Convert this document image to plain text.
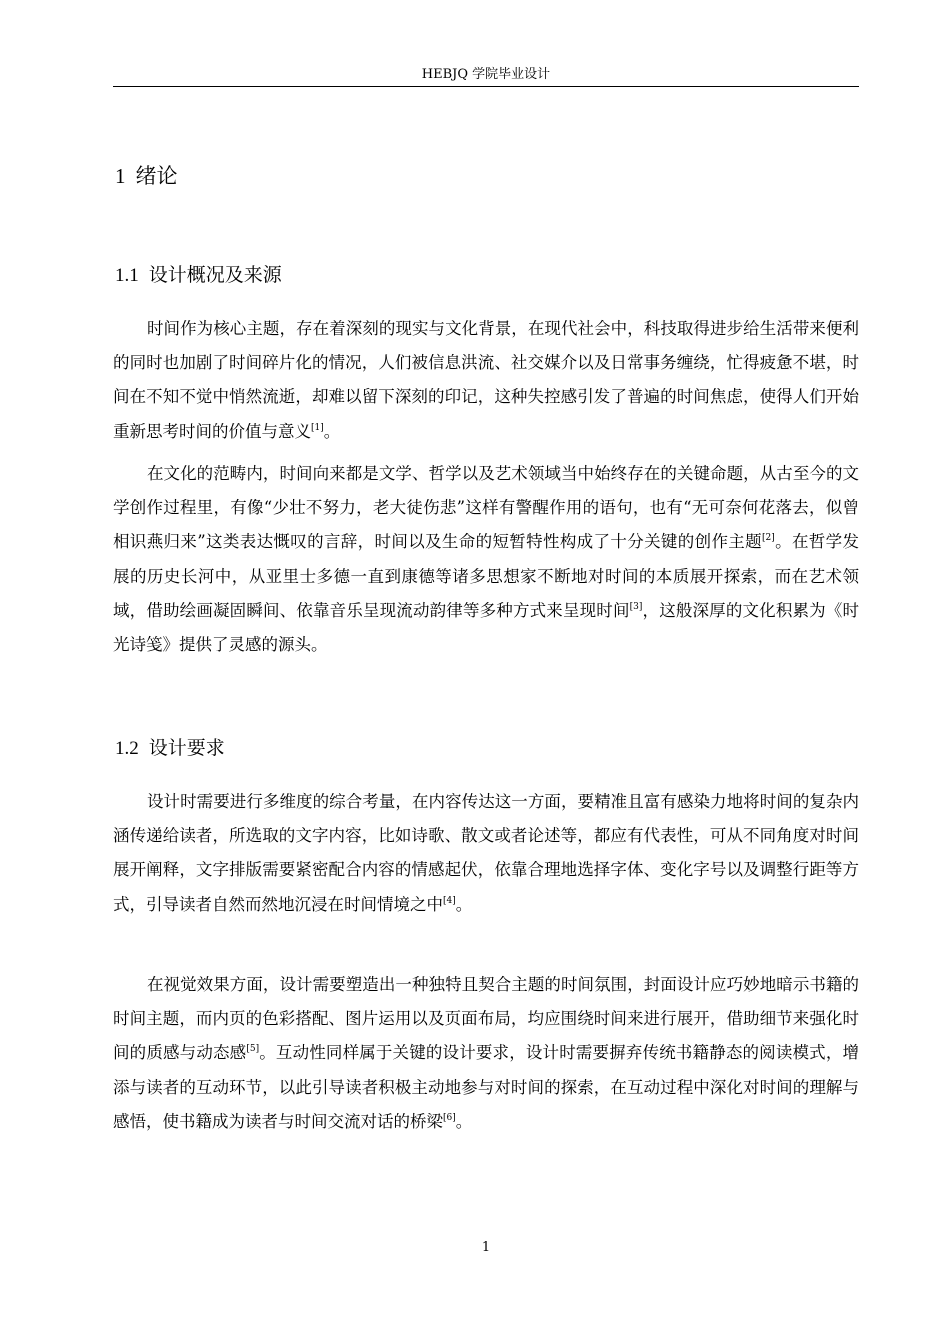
HEBJQ 学院毕业设计
1 绪论
1.1 设计概况及来源

时间作为核心主题，存在着深刻的现实与文化背景，在现代社会中，科技取得进步给生活带来便利的同时也加剧了时间碎片化的情况，人们被信息洪流、社交媒介以及日常事务缠绕，忙得疲惫不堪，时间在不知不觉中悄然流逝，却难以留下深刻的印记，这种失控感引发了普遍的时间焦虑，使得人们开始重新思考时间的价值与意义[1]。

在文化的范畴内，时间向来都是文学、哲学以及艺术领域当中始终存在的关键命题，从古至今的文学创作过程里，有像“少壮不努力，老大徒伤悲”这样有警醒作用的语句，也有“无可奈何花落去，似曾相识燕归来”这类表达慨叹的言辞，时间以及生命的短暂特性构成了十分关键的创作主题[2]。在哲学发展的历史长河中，从亚里士多德一直到康德等诸多思想家不断地对时间的本质展开探索，而在艺术领域，借助绘画凝固瞬间、依靠音乐呈现流动韵律等多种方式来呈现时间[3]，这般深厚的文化积累为《时光诗笺》提供了灵感的源头。

1.2 设计要求

设计时需要进行多维度的综合考量，在内容传达这一方面，要精准且富有感染力地将时间的复杂内涵传递给读者，所选取的文字内容，比如诗歌、散文或者论述等，都应有代表性，可从不同角度对时间展开阐释，文字排版需要紧密配合内容的情感起伏，依靠合理地选择字体、变化字号以及调整行距等方式，引导读者自然而然地沉浸在时间情境之中[4]。

在视觉效果方面，设计需要塑造出一种独特且契合主题的时间氛围，封面设计应巧妙地暗示书籍的时间主题，而内页的色彩搭配、图片运用以及页面布局，均应围绕时间来进行展开，借助细节来强化时间的质感与动态感[5]。互动性同样属于关键的设计要求，设计时需要摒弃传统书籍静态的阅读模式，增添与读者的互动环节，以此引导读者积极主动地参与对时间的探索，在互动过程中深化对时间的理解与感悟，使书籍成为读者与时间交流对话的桥梁[6]。

1
